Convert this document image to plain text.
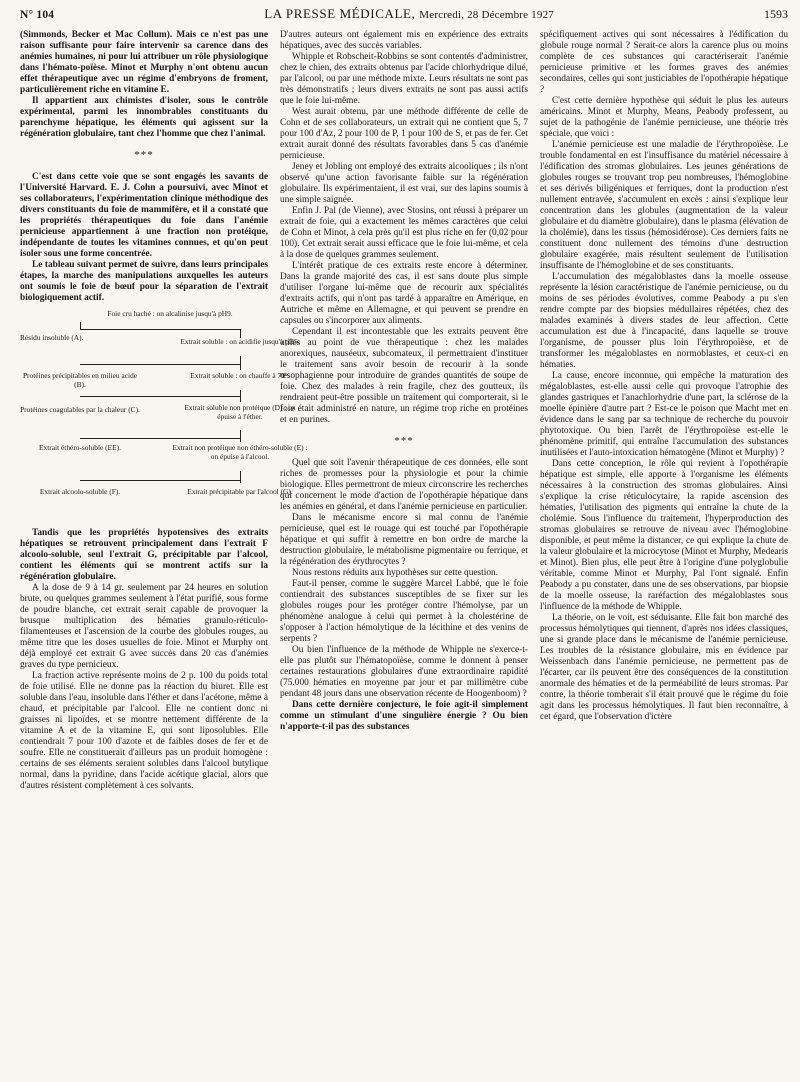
N° 104	LA PRESSE MÉDICALE, Mercredi, 28 Décembre 1927	1593

(Simmonds, Becker et Mac Collum). Mais ce n'est pas une raison suffisante pour faire intervenir sa carence dans des anémies humaines, ni pour lui attribuer un rôle physiologique dans l'hémato-poïèse. Minot et Murphy n'ont obtenu aucun effet thérapeutique avec un régime d'embryons de froment, particulièrement riche en vitamine E.

Il appartient aux chimistes d'isoler, sous le contrôle expérimental, parmi les innombrables constituants du parenchyme hépatique, les éléments qui agissent sur la régénération globulaire, tant chez l'homme que chez l'animal.

***

C'est dans cette voie que se sont engagés les savants de l'Université Harvard. E. J. Cohn a poursuivi, avec Minot et ses collaborateurs, l'expérimentation clinique méthodique des divers constituants du foie de mammifère, et il a constaté que les propriétés thérapeutiques du foie dans l'anémie pernicieuse appartiennent à une fraction non protéique, indépendante de toutes les vitamines connues, et qu'on peut isoler sous une forme concentrée.

Le tableau suivant permet de suivre, dans leurs principales étapes, la marche des manipulations auxquelles les auteurs ont soumis le foie de bœuf pour la séparation de l'extrait biologiquement actif.

Foie cru haché : on alcalinise jusqu'à pH9.
Résidu insoluble (A).	Extrait soluble : on acidifie jusqu'à pH5.
Protéines précipitables en milieu acide (B).
Extrait soluble : on chauffe à 70°.
Protéines coagulables par la chaleur (C).	Extrait soluble non protéique (D) : on épuise à l'éther.
Extrait éthéro-soluble (EE).	Extrait non protéique non éthéro-soluble (E) : on épuise à l'alcool.
Extrait alcoolo-soluble (F).	Extrait précipitable par l'alcool (G).

Tandis que les propriétés hypotensives des extraits hépatiques se retrouvent principalement dans l'extrait F alcoolo-soluble, seul l'extrait G, précipitable par l'alcool, contient les éléments qui se montrent actifs sur la régénération globulaire.

A la dose de 9 à 14 gr. seulement par 24 heures en solution brute, ou quelques grammes seulement à l'état purifié, sous forme de poudre blanche, cet extrait serait capable de provoquer la brusque multiplication des hématies granulo-réticulo-filamenteuses et l'ascension de la courbe des globules rouges, au même titre que les doses usuelles de foie. Minot et Murphy ont déjà employé cet extrait G avec succès dans 20 cas d'anémies graves du type pernicieux.

La fraction active représente moins de 2 p. 100 du poids total de foie utilisé. Elle ne donne pas la réaction du biuret. Elle est soluble dans l'eau, insoluble dans l'éther et dans l'acétone, même à chaud, et précipitable par l'alcool. Elle ne contient donc ni graisses ni lipoïdes, et se montre nettement différente de la vitamine A et de la vitamine E, qui sont liposolubles. Elle contiendrait 7 pour 100 d'azote et de faibles doses de fer et de soufre. Elle ne constituerait d'ailleurs pas un produit homogène : certains de ses éléments seraient solubles dans l'alcool butylique normal, dans la pyridine, dans l'acide acétique glacial, alors que d'autres résistent complètement à ces solvants.

D'autres auteurs ont également mis en expérience des extraits hépatiques, avec des succès variables.

Whipple et Robscheit-Robbins se sont contentés d'administrer, chez le chien, des extraits obtenus par l'acide chlorhydrique dilué, par l'alcool, ou par une méthode mixte. Leurs résultats ne sont pas très démonstratifs ; leurs divers extraits ne sont pas aussi actifs que le foie lui-même.

West aurait obtenu, par une méthode différente de celle de Cohn et de ses collaborateurs, un extrait qui ne contient que 5, 7 pour 100 d'Az, 2 pour 100 de P, 1 pour 100 de S, et pas de fer. Cet extrait aurait donné des résultats favorables dans 5 cas d'anémie pernicieuse.

Jeney et Jobling ont employé des extraits alcooliques ; ils n'ont observé qu'une action favorisante faible sur la régénération globulaire. Ils expérimentaient, il est vrai, sur des lapins soumis à une simple saignée.

Enfin J. Pal (de Vienne), avec Stosins, ont réussi à préparer un extrait de foie, qui a exactement les mêmes caractères que celui de Cohn et Minot, à cela près qu'il est plus riche en fer (0,02 pour 100). Cet extrait serait aussi efficace que le foie lui-même, et cela à la dose de quelques grammes seulement.

L'intérêt pratique de ces extraits reste encore à déterminer. Dans la grande majorité des cas, il est sans doute plus simple d'utiliser l'organe lui-même que de recourir aux spécialités d'extraits actifs, qui n'ont pas tardé à apparaître en Amérique, en Autriche et même en Allemagne, et qui peuvent se prendre en capsules ou s'incorporer aux aliments.

Cependant il est incontestable que les extraits peuvent être utiles au point de vue thérapeutique : chez les malades anorexiques, nauséeux, subcomateux, il permettraient d'instituer le traitement sans avoir besoin de recourir à la sonde œsophagienne pour introduire de grandes quantités de soupe de foie. Chez des malades à rein fragile, chez des goutteux, ils rendraient peut-être possible un traitement qui comporterait, si le foie était administré en nature, un régime trop riche en protéines et en purines.

***

Quel que soit l'avenir thérapeutique de ces données, elle sont riches de promesses pour la physiologie et pour la chimie biologique. Elles permettront de mieux circonscrire les recherches qui concernent le mode d'action de l'opothérapie hépatique dans les anémies en général, et dans l'anémie pernicieuse en particulier.

Dans le mécanisme encore si mal connu de l'anémie pernicieuse, quel est le rouage qui est touché par l'opothérapie hépatique et qui suffit à remettre en bon ordre de marche la destruction globulaire, le métabolisme pigmentaire ou ferrique, et la régénération des érythrocytes ?

Nous restons réduits aux hypothèses sur cette question.

Faut-il penser, comme le suggère Marcel Labbé, que le foie contiendrait des substances susceptibles de se fixer sur les globules rouges pour les protéger contre l'hémolyse, par un phénomène analogue à celui qui permet à la cholestérine de s'opposer à l'action hémolytique de la lécithine et des venins de serpents ?

Ou bien l'influence de la méthode de Whipple ne s'exerce-t-elle pas plutôt sur l'hématopoïèse, comme le donnent à penser certaines restaurations globulaires d'une extraordinaire rapidité (75.000 hématies en moyenne par jour et par millimètre cube pendant 48 jours dans une observation récente de Hoogenboom) ?

Dans cette dernière conjecture, le foie agit-il simplement comme un stimulant d'une singulière énergie ? Ou bien n'apporte-t-il pas des substances

spécifiquement actives qui sont nécessaires à l'édification du globule rouge normal ? Serait-ce alors la carence plus ou moins complète de ces substances qui caractériserait l'anémie pernicieuse primitive et les formes graves des anémies secondaires, celles qui sont justiciables de l'opothérapie hépatique ?

C'est cette dernière hypothèse qui séduit le plus les auteurs américains. Minot et Murphy, Means, Peabody professent, au sujet de la pathogénie de l'anémie pernicieuse, une théorie très spéciale, que voici :

L'anémie pernicieuse est une maladie de l'érythropoïèse. Le trouble fondamental en est l'insuffisance du matériel nécessaire à l'édification des stromas globulaires. Les jeunes générations de globules rouges se trouvant trop peu nombreuses, l'hémoglobine et ses dérivés biligéniques et ferriques, dont la production n'est nullement entravée, s'accumulent en excès : ainsi s'explique leur concentration dans les globules (augmentation de la valeur globulaire et du diamètre globulaire), dans le plasma (élévation de la cholémie), dans les tissus (hémosidérose). Ces derniers faits ne constituent donc nullement des témoins d'une destruction globulaire exagérée, mais résultent seulement de l'utilisation insuffisante de l'hémoglobine et de ses constituants.

L'accumulation des mégaloblastes dans la moelle osseuse représente la lésion caractéristique de l'anémie pernicieuse, ou du moins de ses périodes évolutives, comme Peabody a pu s'en rendre compte par des biopsies médullaires répétées, chez des malades examinés à divers stades de leur affection. Cette accumulation est due à l'incapacité, dans laquelle se trouve l'organisme, de pousser plus loin l'érythropoïèse, et de transformer les mégaloblastes en normoblastes, et ceux-ci en hématies.

La cause, encore inconnue, qui empêche la maturation des mégaloblastes, est-elle aussi celle qui provoque l'atrophie des glandes gastriques et l'anachlorhydrie d'une part, la sclérose de la moelle épinière d'autre part ? Est-ce le poison que Macht met en évidence dans le sang par sa technique de recherche du pouvoir phytotoxique. Ou bien l'arrêt de l'érythropoïèse est-elle le phénomène primitif, qui entraîne l'accumulation des substances inutilisées et l'auto-intoxication hématogène (Minot et Murphy) ?

Dans cette conception, le rôle qui revient à l'opothérapie hépatique est simple, elle apporte à l'organisme les éléments nécessaires à la construction des stromas globulaires. Ainsi s'explique la crise réticulocytaire, la rapide ascension des hématies, l'utilisation des pigments qui entraîne la chute de la cholémie. Sous l'influence du traitement, l'hyperproduction des stromas globulaires se retrouve de niveau avec l'hémoglobine disponible, et peut même la distancer, ce qui explique la chute de la valeur globulaire et la microcytose (Minot et Murphy, Medearis et Minot). Bien plus, elle peut être à l'origine d'une polyglobulie véritable, comme Minot et Murphy, Pal l'ont signalé. Enfin Peabody a pu constater, dans une de ses observations, par biopsie de la moelle osseuse, la raréfaction des mégaloblastes sous l'influence de la méthode de Whipple.

La théorie, on le voit, est séduisante. Elle fait bon marché des processus hémolytiques qui tiennent, d'après nos idées classiques, une si grande place dans le mécanisme de l'anémie pernicieuse. Les troubles de la résistance globulaire, mis en évidence par Weissenbach dans l'anémie pernicieuse, ne permettent pas de l'écarter, car ils peuvent être des conséquences de la constitution anormale des hématies et de la perméabilité de leurs stromas. Par contre, la théorie tomberait s'il était prouvé que le régime du foie agit dans les processus hémolytiques. Il faut bien reconnaître, à cet égard, que l'observation d'ictère
